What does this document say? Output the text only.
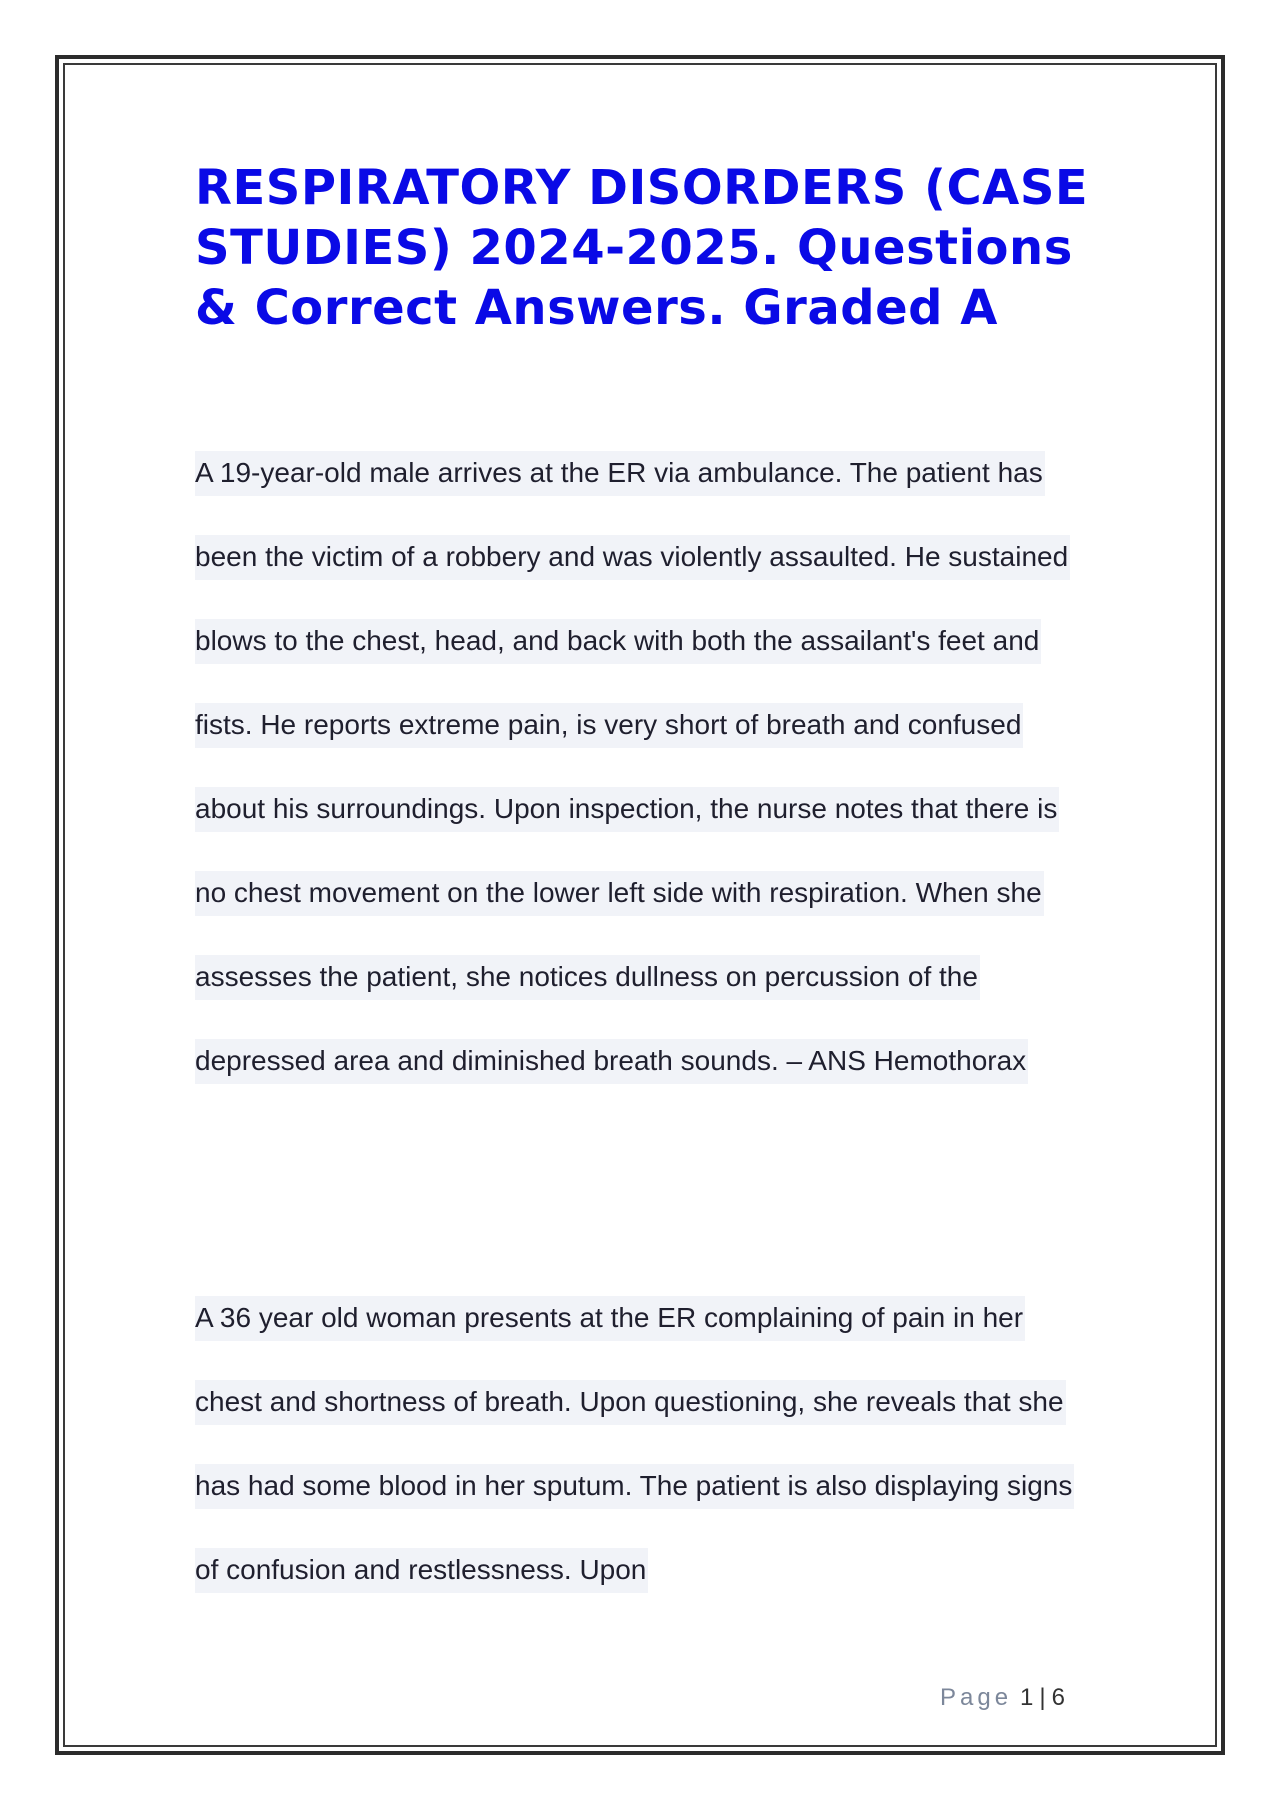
RESPIRATORY DISORDERS (CASE STUDIES) 2024-2025. Questions & Correct Answers. Graded A

A 19-year-old male arrives at the ER via ambulance. The patient has been the victim of a robbery and was violently assaulted. He sustained blows to the chest, head, and back with both the assailant's feet and fists. He reports extreme pain, is very short of breath and confused about his surroundings. Upon inspection, the nurse notes that there is no chest movement on the lower left side with respiration. When she assesses the patient, she notices dullness on percussion of the depressed area and diminished breath sounds. – ANS Hemothorax

A 36 year old woman presents at the ER complaining of pain in her chest and shortness of breath. Upon questioning, she reveals that she has had some blood in her sputum. The patient is also displaying signs of confusion and restlessness. Upon

Page 1 | 6
